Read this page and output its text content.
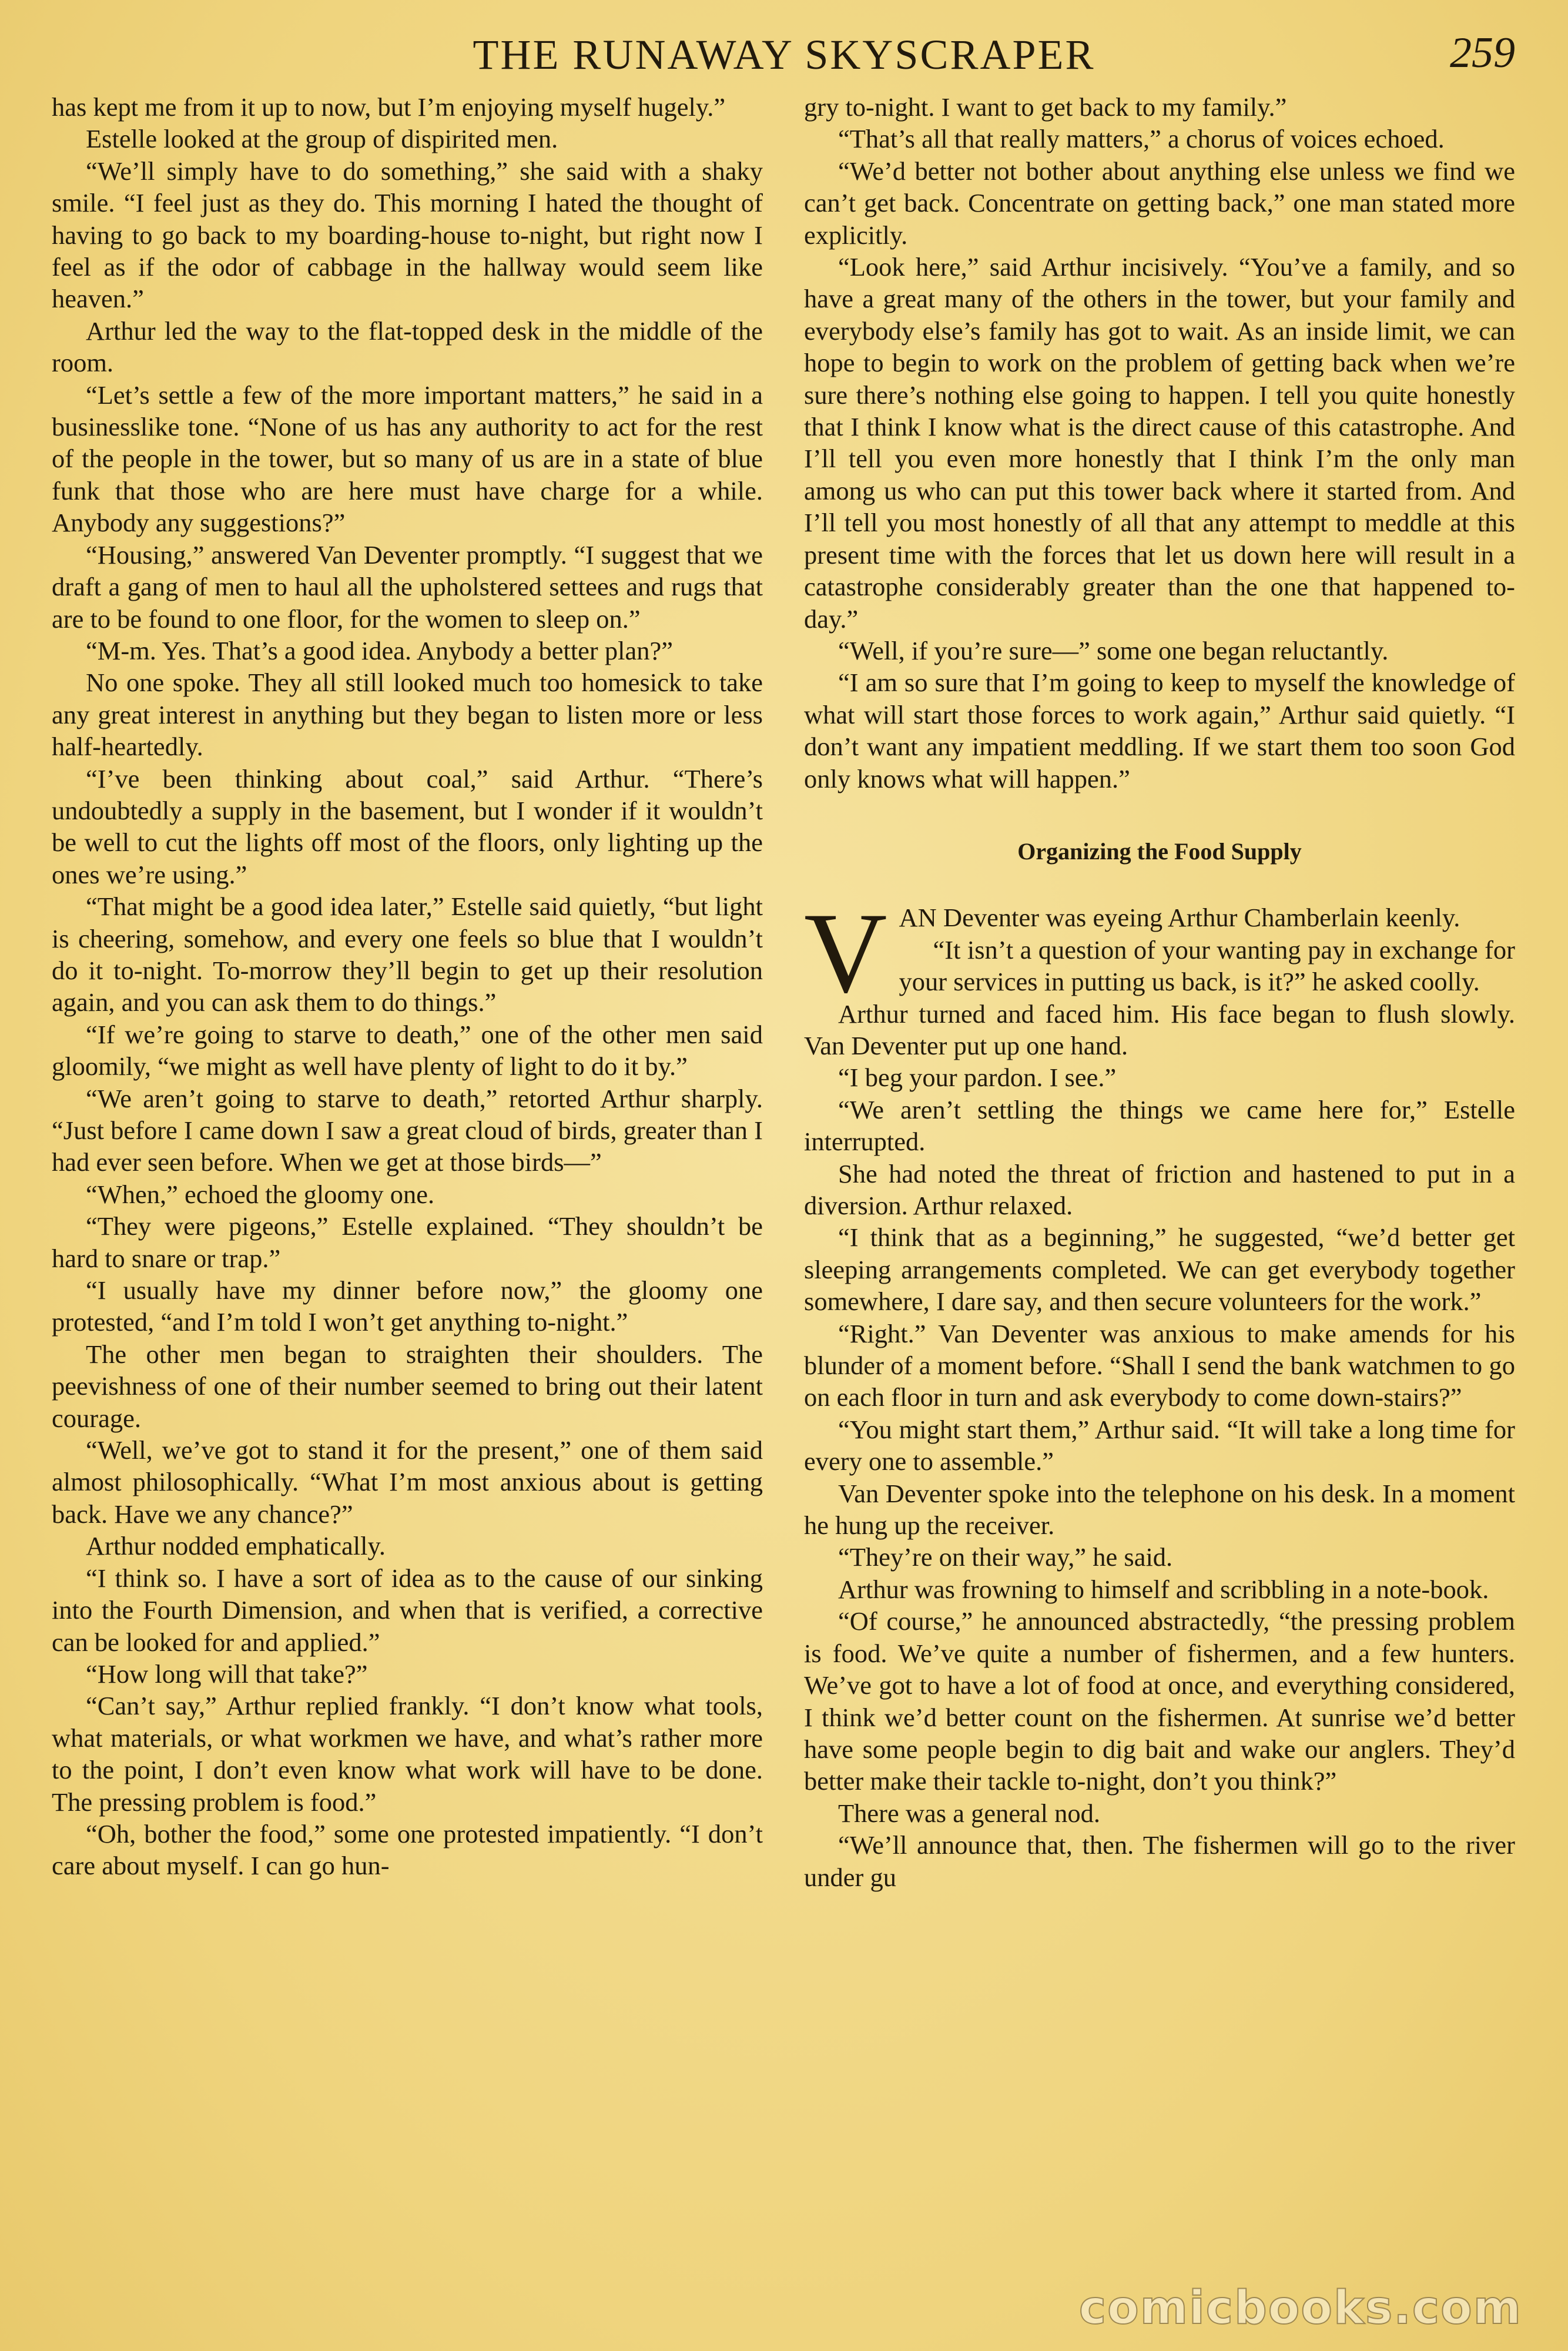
THE RUNAWAY SKYSCRAPER	259

has kept me from it up to now, but I’m enjoying myself hugely.”

Estelle looked at the group of dispirited men.

“We’ll simply have to do something,” she said with a shaky smile. “I feel just as they do. This morning I hated the thought of having to go back to my boarding-house to-night, but right now I feel as if the odor of cabbage in the hallway would seem like heaven.”

Arthur led the way to the flat-topped desk in the middle of the room.

“Let’s settle a few of the more important matters,” he said in a businesslike tone. “None of us has any authority to act for the rest of the people in the tower, but so many of us are in a state of blue funk that those who are here must have charge for a while. Anybody any suggestions?”

“Housing,” answered Van Deventer promptly. “I suggest that we draft a gang of men to haul all the upholstered settees and rugs that are to be found to one floor, for the women to sleep on.”

“M-m. Yes. That’s a good idea. Anybody a better plan?”

No one spoke. They all still looked much too homesick to take any great interest in anything but they began to listen more or less half-heartedly.

“I’ve been thinking about coal,” said Arthur. “There’s undoubtedly a supply in the basement, but I wonder if it wouldn’t be well to cut the lights off most of the floors, only lighting up the ones we’re using.”

“That might be a good idea later,” Estelle said quietly, “but light is cheering, somehow, and every one feels so blue that I wouldn’t do it to-night. To-morrow they’ll begin to get up their resolution again, and you can ask them to do things.”

“If we’re going to starve to death,” one of the other men said gloomily, “we might as well have plenty of light to do it by.”

“We aren’t going to starve to death,” retorted Arthur sharply. “Just before I came down I saw a great cloud of birds, greater than I had ever seen before. When we get at those birds—”

“When,” echoed the gloomy one.

“They were pigeons,” Estelle explained. “They shouldn’t be hard to snare or trap.”

“I usually have my dinner before now,” the gloomy one protested, “and I’m told I won’t get anything to-night.”

The other men began to straighten their shoulders. The peevishness of one of their number seemed to bring out their latent courage.

“Well, we’ve got to stand it for the present,” one of them said almost philosophically. “What I’m most anxious about is getting back. Have we any chance?”

Arthur nodded emphatically.

“I think so. I have a sort of idea as to the cause of our sinking into the Fourth Dimension, and when that is verified, a corrective can be looked for and applied.”

“How long will that take?”

“Can’t say,” Arthur replied frankly. “I don’t know what tools, what materials, or what workmen we have, and what’s rather more to the point, I don’t even know what work will have to be done. The pressing problem is food.”

“Oh, bother the food,” some one protested impatiently. “I don’t care about myself. I can go hun-

gry to-night. I want to get back to my family.”

“That’s all that really matters,” a chorus of voices echoed.

“We’d better not bother about anything else unless we find we can’t get back. Concentrate on getting back,” one man stated more explicitly.

“Look here,” said Arthur incisively. “You’ve a family, and so have a great many of the others in the tower, but your family and everybody else’s family has got to wait. As an inside limit, we can hope to begin to work on the problem of getting back when we’re sure there’s nothing else going to happen. I tell you quite honestly that I think I know what is the direct cause of this catastrophe. And I’ll tell you even more honestly that I think I’m the only man among us who can put this tower back where it started from. And I’ll tell you most honestly of all that any attempt to meddle at this present time with the forces that let us down here will result in a catastrophe considerably greater than the one that happened to-day.”

“Well, if you’re sure—” some one began reluctantly.

“I am so sure that I’m going to keep to myself the knowledge of what will start those forces to work again,” Arthur said quietly. “I don’t want any impatient meddling. If we start them too soon God only knows what will happen.”

Organizing the Food Supply

VAN Deventer was eyeing Arthur Chamberlain keenly.

“It isn’t a question of your wanting pay in exchange for your services in putting us back, is it?” he asked coolly.

Arthur turned and faced him. His face began to flush slowly. Van Deventer put up one hand.

“I beg your pardon. I see.”

“We aren’t settling the things we came here for,” Estelle interrupted.

She had noted the threat of friction and hastened to put in a diversion. Arthur relaxed.

“I think that as a beginning,” he suggested, “we’d better get sleeping arrangements completed. We can get everybody together somewhere, I dare say, and then secure volunteers for the work.”

“Right.” Van Deventer was anxious to make amends for his blunder of a moment before. “Shall I send the bank watchmen to go on each floor in turn and ask everybody to come down-stairs?”

“You might start them,” Arthur said. “It will take a long time for every one to assemble.”

Van Deventer spoke into the telephone on his desk. In a moment he hung up the receiver.

“They’re on their way,” he said.

Arthur was frowning to himself and scribbling in a note-book.

“Of course,” he announced abstractedly, “the pressing problem is food. We’ve quite a number of fishermen, and a few hunters. We’ve got to have a lot of food at once, and everything considered, I think we’d better count on the fishermen. At sunrise we’d better have some people begin to dig bait and wake our anglers. They’d better make their tackle to-night, don’t you think?”

There was a general nod.

“We’ll announce that, then. The fishermen will go to the river under gu

comicbooks.com
